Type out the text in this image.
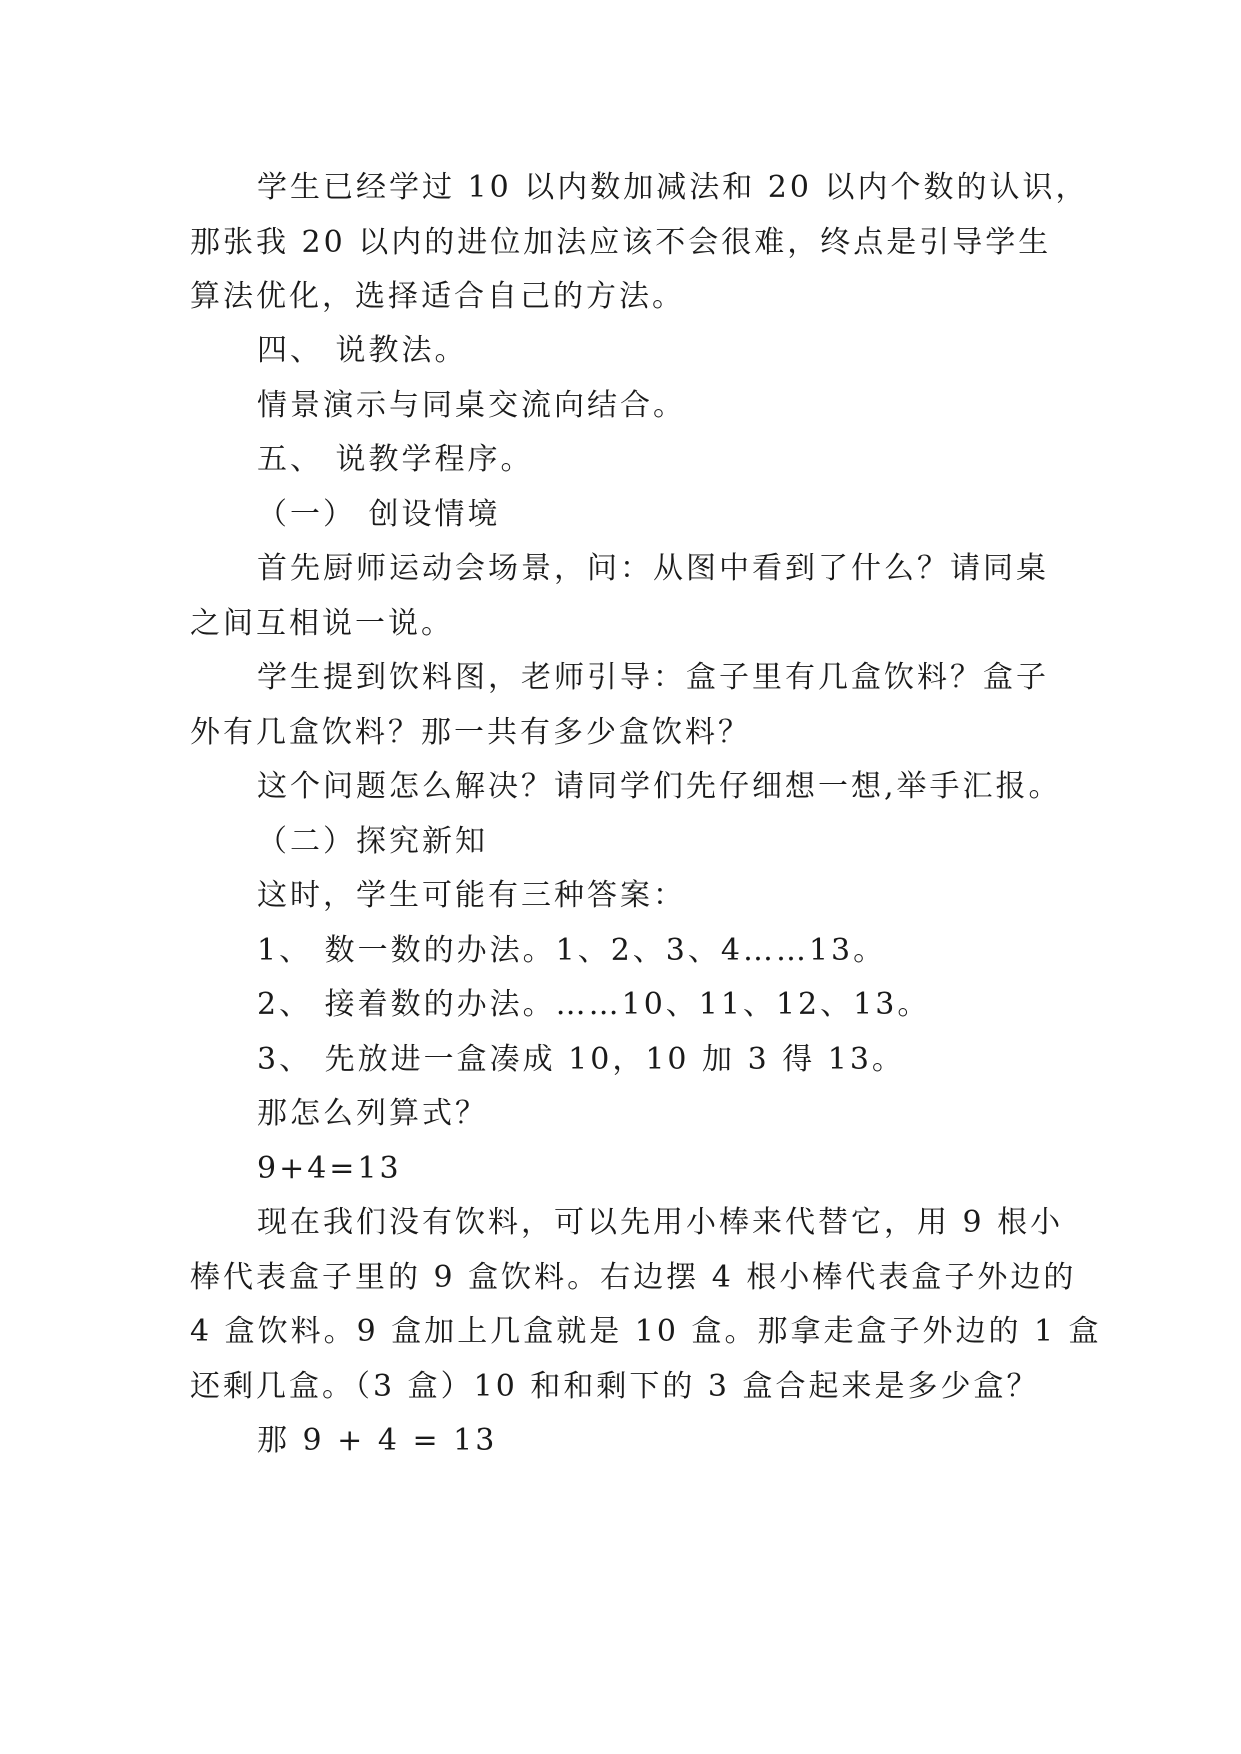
学生已经学过 10 以内数加减法和 20 以内个数的认识，
那张我 20 以内的进位加法应该不会很难，终点是引导学生
算法优化，选择适合自己的方法。
四、 说教法。
情景演示与同桌交流向结合。
五、 说教学程序。
（一） 创设情境
首先厨师运动会场景，问：从图中看到了什么？请同桌
之间互相说一说。
学生提到饮料图，老师引导：盒子里有几盒饮料？盒子
外有几盒饮料？那一共有多少盒饮料？
这个问题怎么解决？请同学们先仔细想一想,举手汇报。
（二）探究新知
这时，学生可能有三种答案：
1、 数一数的办法。1、2、3、4……13。
2、 接着数的办法。……10、11、12、13。
3、 先放进一盒凑成 10，10 加 3 得 13。
那怎么列算式？
9+4=13
现在我们没有饮料，可以先用小棒来代替它，用 9 根小
棒代表盒子里的 9 盒饮料。右边摆 4 根小棒代表盒子外边的
4 盒饮料。9 盒加上几盒就是 10 盒。那拿走盒子外边的 1 盒
还剩几盒。（3 盒）10 和和剩下的 3 盒合起来是多少盒？
那 9 + 4 = 13
